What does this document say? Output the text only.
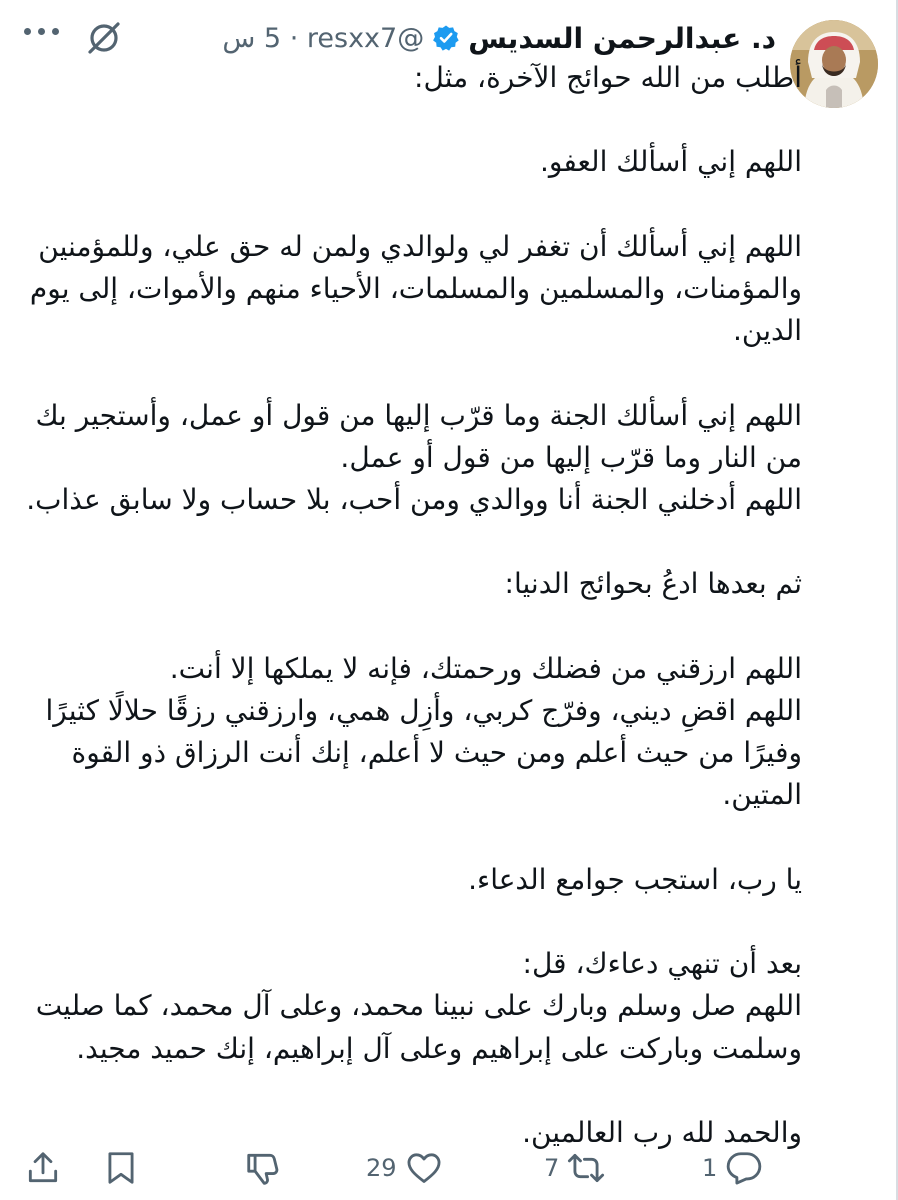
د. عبدالرحمن السديس
@resxx7 · 5 س
أطلب من الله حوائج الآخرة، مثل:

اللهم إني أسألك العفو.

اللهم إني أسألك أن تغفر لي ولوالدي ولمن له حق علي، وللمؤمنين والمؤمنات، والمسلمين والمسلمات، الأحياء منهم والأموات، إلى يوم الدين.

اللهم إني أسألك الجنة وما قرّب إليها من قول أو عمل، وأستجير بك من النار وما قرّب إليها من قول أو عمل.
اللهم أدخلني الجنة أنا ووالدي ومن أحب، بلا حساب ولا سابق عذاب.

ثم بعدها ادعُ بحوائج الدنيا:

اللهم ارزقني من فضلك ورحمتك، فإنه لا يملكها إلا أنت.
اللهم اقضِ ديني، وفرّج كربي، وأزِل همي، وارزقني رزقًا حلالًا كثيرًا وفيرًا من حيث أعلم ومن حيث لا أعلم، إنك أنت الرزاق ذو القوة المتين.

يا رب، استجب جوامع الدعاء.

بعد أن تنهي دعاءك، قل:
اللهم صل وسلم وبارك على نبينا محمد، وعلى آل محمد، كما صليت وسلمت وباركت على إبراهيم وعلى آل إبراهيم، إنك حميد مجيد.

والحمد لله رب العالمين.
1
7
29
